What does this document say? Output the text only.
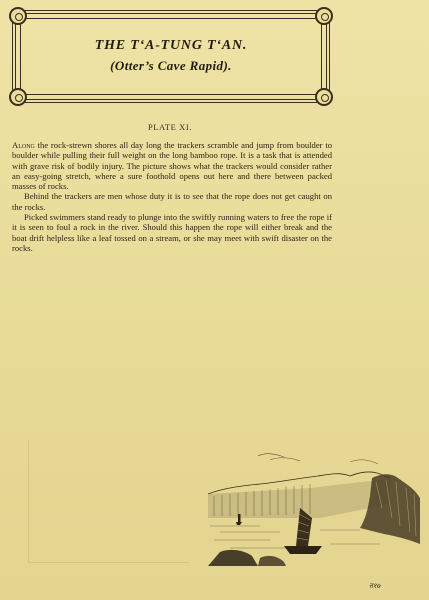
THE T‘A-TUNG T‘AN.
(Otter’s Cave Rapid).
PLATE XI.

Along the rock-strewn shores all day long the trackers scramble and jump from boulder to boulder while pulling their full weight on the long bamboo rope. It is a task that is attended with grave risk of bodily injury. The picture shows what the trackers would consider rather an easy-going stretch, where a sure foothold opens out here and there between packed masses of rocks.

Behind the trackers are men whose duty it is to see that the rope does not get caught on the rocks.

Picked swimmers stand ready to plunge into the swiftly running waters to free the rope if it is seen to foul a rock in the river. Should this happen the rope will either break and the boat drift helpless like a leaf tossed on a stream, or she may meet with swift disaster on the rocks.

ऩ१७
